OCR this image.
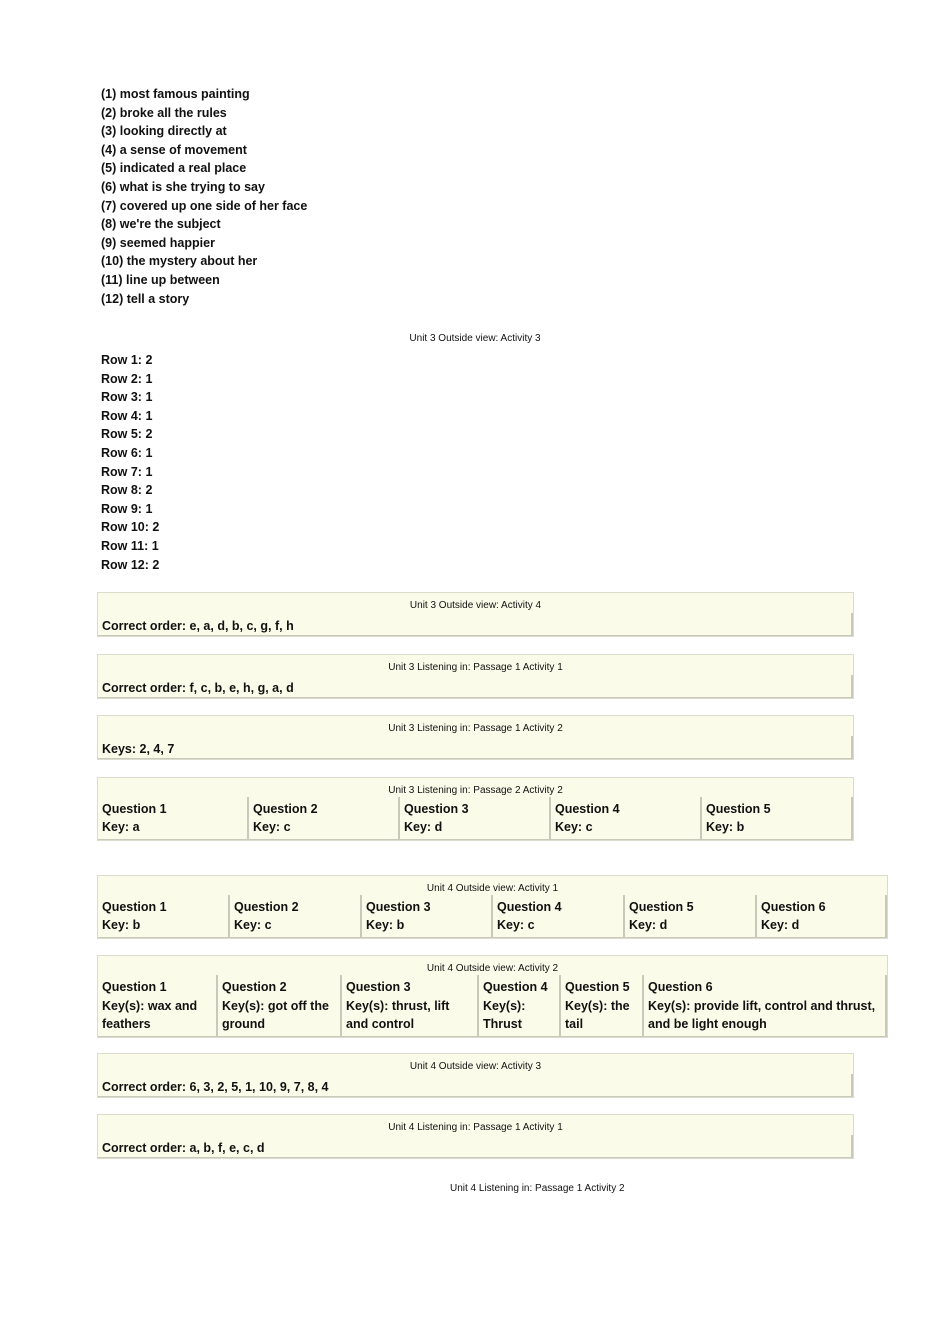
(1) most famous painting
(2) broke all the rules
(3) looking directly at
(4) a sense of movement
(5) indicated a real place
(6) what is she trying to say
(7) covered up one side of her face
(8) we're the subject
(9) seemed happier
(10) the mystery about her
(11) line up between
(12) tell a story
Unit 3 Outside view: Activity 3
Row 1: 2
Row 2: 1
Row 3: 1
Row 4: 1
Row 5: 2
Row 6: 1
Row 7: 1
Row 8: 2
Row 9: 1
Row 10: 2
Row 11: 1
Row 12: 2
Unit 3 Outside view: Activity 4
Correct order: e, a, d, b, c, g, f, h
Unit 3 Listening in: Passage 1 Activity 1
Correct order: f, c, b, e, h, g, a, d
Unit 3 Listening in: Passage 1 Activity 2
Keys: 2, 4, 7
Unit 3 Listening in: Passage 2 Activity 2
Question 1
Key: a
Question 2
Key: c
Question 3
Key: d
Question 4
Key: c
Question 5
Key: b
Unit 4 Outside view: Activity 1
Question 1
Key: b
Question 2
Key: c
Question 3
Key: b
Question 4
Key: c
Question 5
Key: d
Question 6
Key: d
Unit 4 Outside view: Activity 2
Question 1
Key(s): wax and feathers
Question 2
Key(s): got off the ground
Question 3
Key(s): thrust, lift and control
Question 4
Key(s): Thrust
Question 5
Key(s): the tail
Question 6
Key(s): provide lift, control and thrust, and be light enough
Unit 4 Outside view: Activity 3
Correct order: 6, 3, 2, 5, 1, 10, 9, 7, 8, 4
Unit 4 Listening in: Passage 1 Activity 1
Correct order: a, b, f, e, c, d
Unit 4 Listening in: Passage 1 Activity 2
